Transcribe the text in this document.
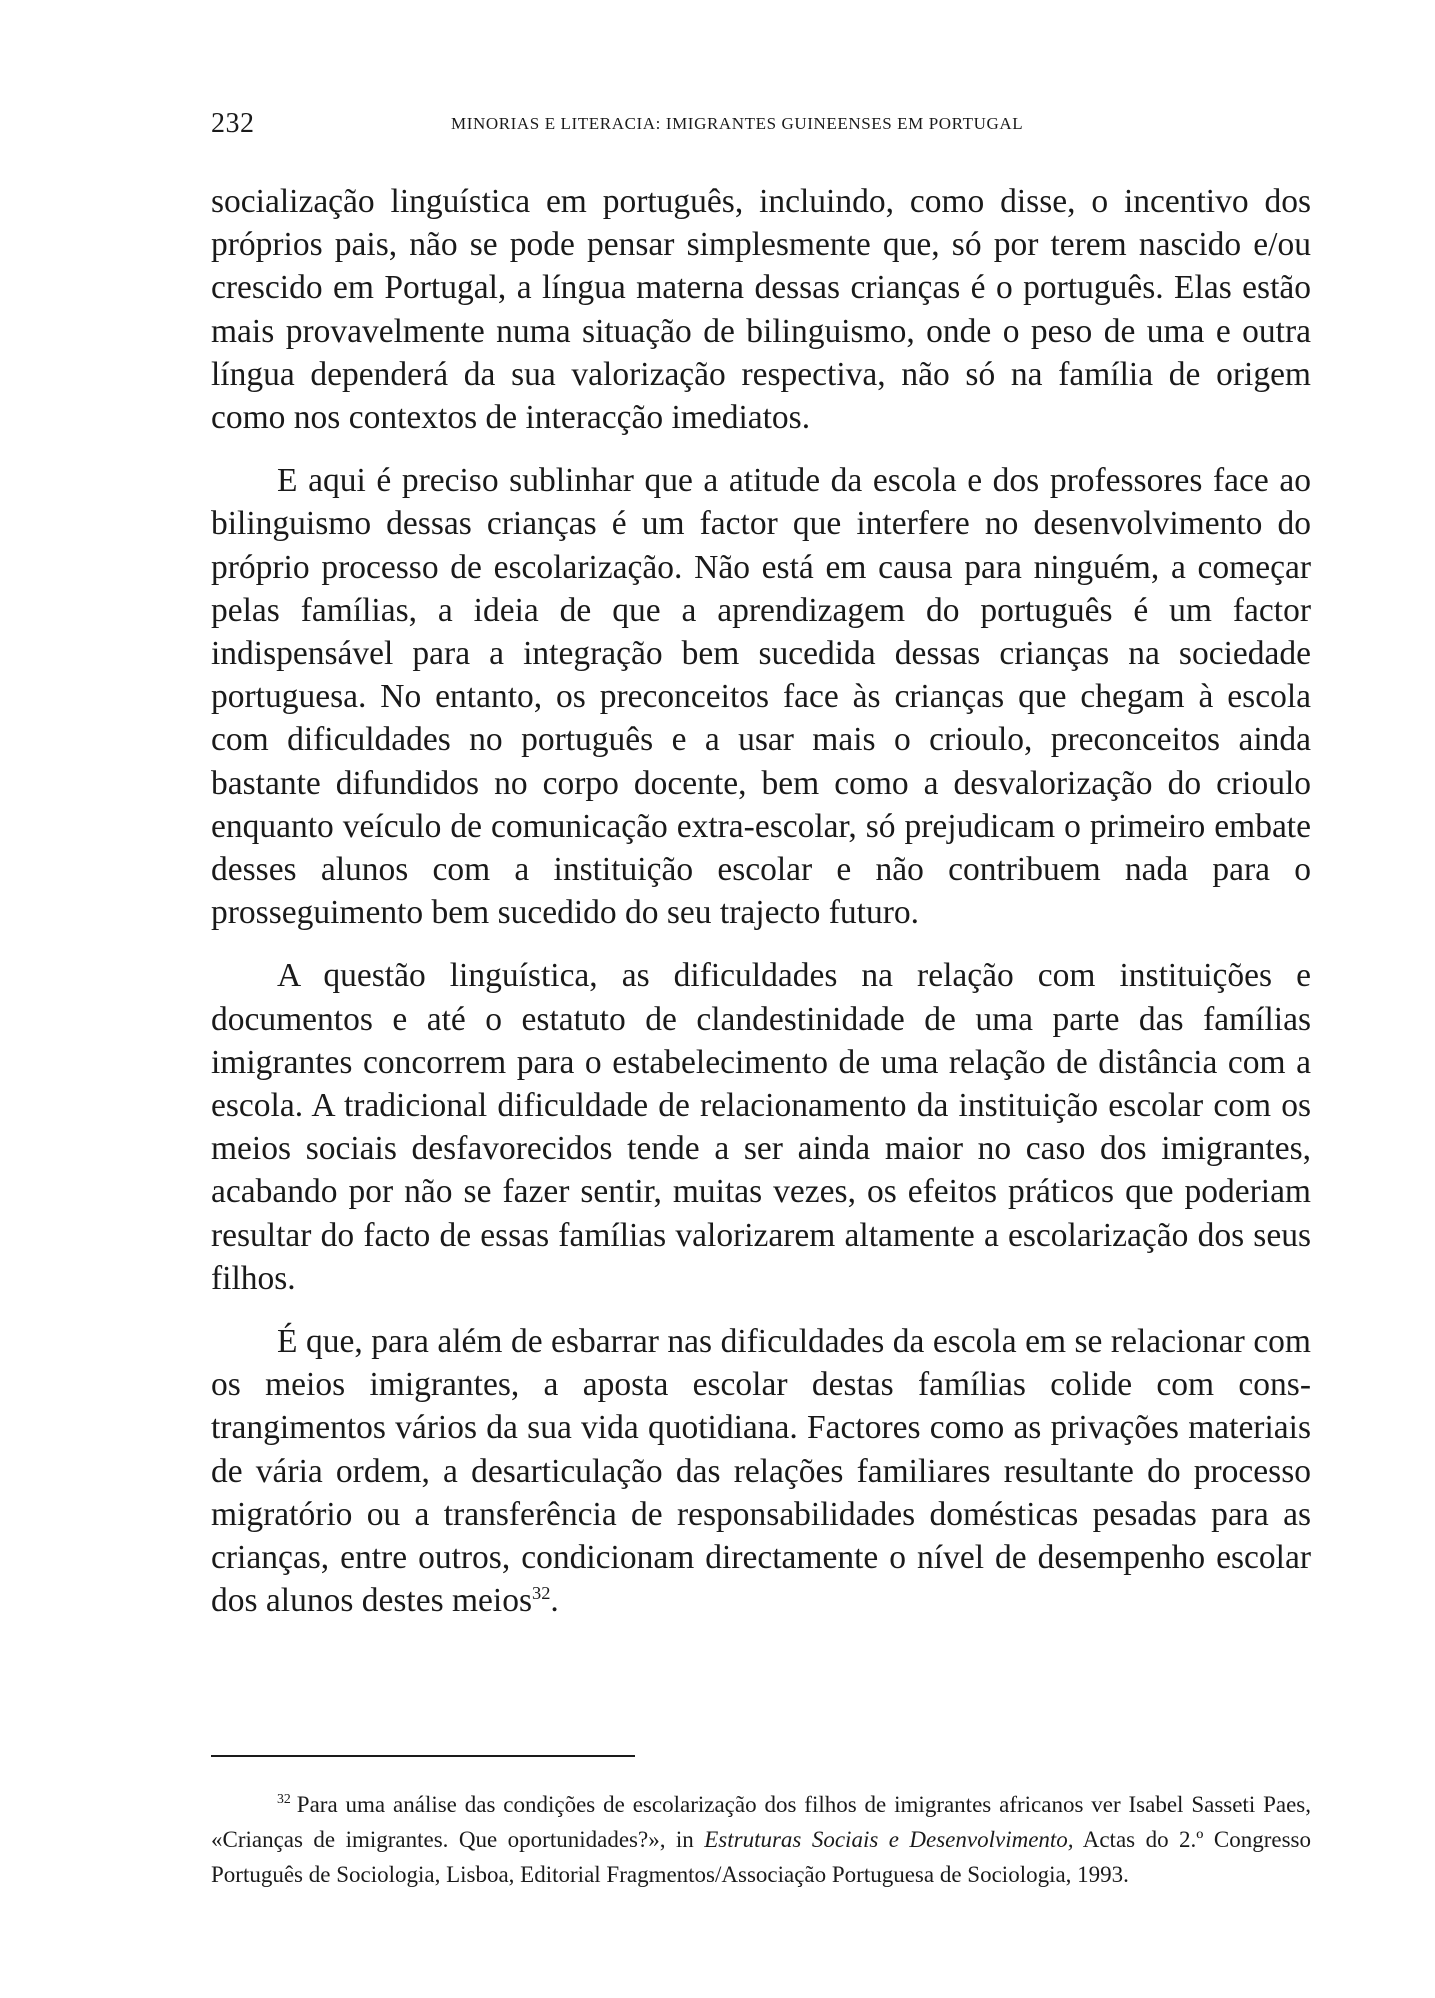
232	MINORIAS E LITERACIA: IMIGRANTES GUINEENSES EM PORTUGAL

socialização linguística em português, incluindo, como disse, o incentivo dos próprios pais, não se pode pensar simplesmente que, só por terem nascido e/ou crescido em Portugal, a língua materna dessas crianças é o português. Elas estão mais provavelmente numa situação de bilinguismo, onde o peso de uma e outra língua dependerá da sua valorização respectiva, não só na família de origem como nos contextos de interacção imediatos.

E aqui é preciso sublinhar que a atitude da escola e dos professores face ao bilinguismo dessas crianças é um factor que interfere no desenvolvimento do próprio processo de escolarização. Não está em causa para ninguém, a começar pelas famílias, a ideia de que a aprendizagem do português é um factor indispensável para a integração bem sucedida dessas crianças na sociedade portuguesa. No entanto, os preconceitos face às crianças que chegam à escola com dificuldades no português e a usar mais o crioulo, preconceitos ainda bastante difundidos no corpo docente, bem como a desvalorização do crioulo enquanto veículo de comunicação extra-escolar, só prejudicam o primeiro embate desses alunos com a instituição escolar e não contribuem nada para o prosseguimento bem sucedido do seu trajecto futuro.

A questão linguística, as dificuldades na relação com instituições e documentos e até o estatuto de clandestinidade de uma parte das famílias imigrantes concorrem para o estabelecimento de uma relação de distância com a escola. A tradicional dificuldade de relacionamento da instituição escolar com os meios sociais desfavorecidos tende a ser ainda maior no caso dos imigrantes, acabando por não se fazer sentir, muitas vezes, os efeitos práticos que poderiam resultar do facto de essas famílias valorizarem altamente a escolarização dos seus filhos.

É que, para além de esbarrar nas dificuldades da escola em se relacionar com os meios imigrantes, a aposta escolar destas famílias colide com constrangimentos vários da sua vida quotidiana. Factores como as privações materiais de vária ordem, a desarticulação das relações familiares resultante do processo migratório ou a transferência de responsabilidades domésticas pesadas para as crianças, entre outros, condicionam directamente o nível de desempenho escolar dos alunos destes meios$^{32}$.

$^{32}$ Para uma análise das condições de escolarização dos filhos de imigrantes africanos ver Isabel Sasseti Paes, «Crianças de imigrantes. Que oportunidades?», in Estruturas Sociais e Desenvolvimento, Actas do 2.º Congresso Português de Sociologia, Lisboa, Editorial Fragmentos/Associação Portuguesa de Sociologia, 1993.
